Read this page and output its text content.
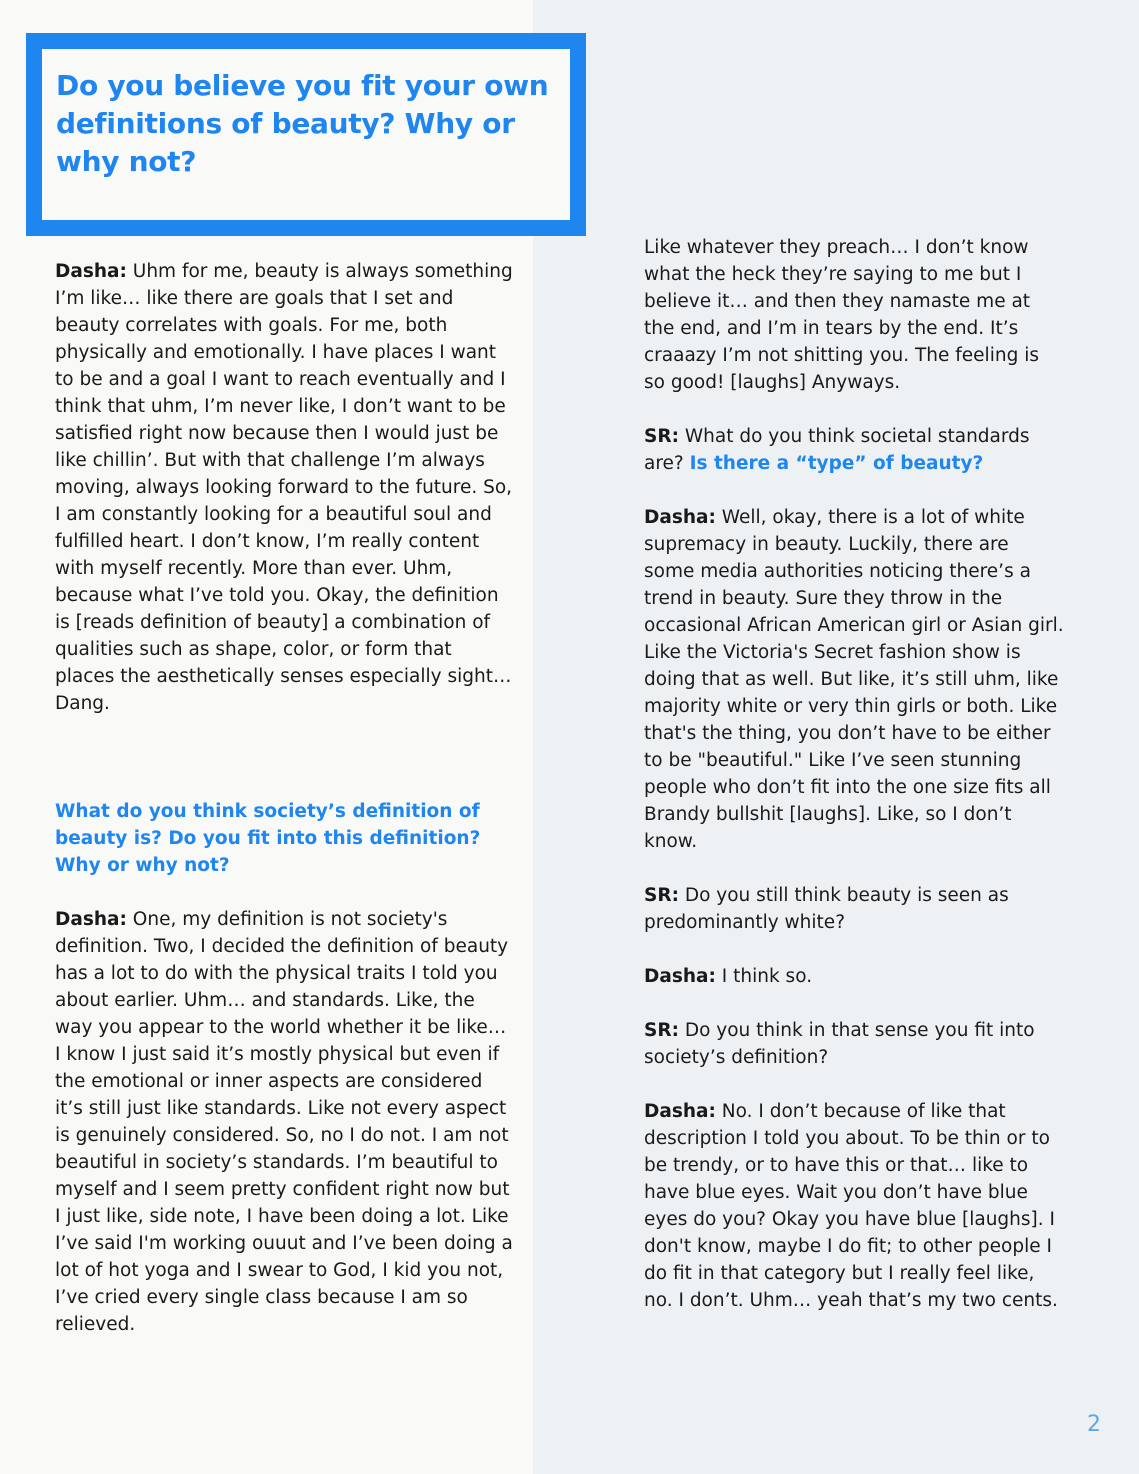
Do you believe you fit your own definitions of beauty? Why or why not?

Dasha: Uhm for me, beauty is always something I’m like… like there are goals that I set and beauty correlates with goals. For me, both physically and emotionally. I have places I want to be and a goal I want to reach eventually and I think that uhm, I’m never like, I don’t want to be satisfied right now because then I would just be like chillin’. But with that challenge I’m always moving, always looking forward to the future. So, I am constantly looking for a beautiful soul and fulfilled heart. I don’t know, I’m really content with myself recently. More than ever. Uhm, because what I’ve told you. Okay, the definition is [reads definition of beauty] a combination of qualities such as shape, color, or form that places the aesthetically senses especially sight…Dang.

What do you think society’s definition of beauty is? Do you fit into this definition? Why or why not?

Dasha: One, my definition is not society's definition. Two, I decided the definition of beauty has a lot to do with the physical traits I told you about earlier. Uhm… and standards. Like, the way you appear to the world whether it be like… I know I just said it’s mostly physical but even if the emotional or inner aspects are considered it’s still just like standards. Like not every aspect is genuinely considered. So, no I do not. I am not beautiful in society’s standards. I’m beautiful to myself and I seem pretty confident right now but I just like, side note, I have been doing a lot. Like I’ve said I'm working ouuut and I’ve been doing a lot of hot yoga and I swear to God, I kid you not, I’ve cried every single class because I am so relieved.

Like whatever they preach… I don’t know what the heck they’re saying to me but I believe it… and then they namaste me at the end, and I’m in tears by the end. It’s craaazy I’m not shitting you. The feeling is so good! [laughs] Anyways.

SR: What do you think societal standards are? Is there a “type” of beauty?

Dasha: Well, okay, there is a lot of white supremacy in beauty. Luckily, there are some media authorities noticing there’s a trend in beauty. Sure they throw in the occasional African American girl or Asian girl. Like the Victoria's Secret fashion show is doing that as well. But like, it’s still uhm, like majority white or very thin girls or both. Like that's the thing, you don’t have to be either to be "beautiful." Like I’ve seen stunning people who don’t fit into the one size fits all Brandy bullshit [laughs]. Like, so I don’t know.

SR: Do you still think beauty is seen as predominantly white?

Dasha: I think so.

SR: Do you think in that sense you fit into society’s definition?

Dasha: No. I don’t because of like that description I told you about. To be thin or to be trendy, or to have this or that… like to have blue eyes. Wait you don’t have blue eyes do you? Okay you have blue [laughs]. I don't know, maybe I do fit; to other people I do fit in that category but I really feel like, no. I don’t. Uhm… yeah that’s my two cents.

2
